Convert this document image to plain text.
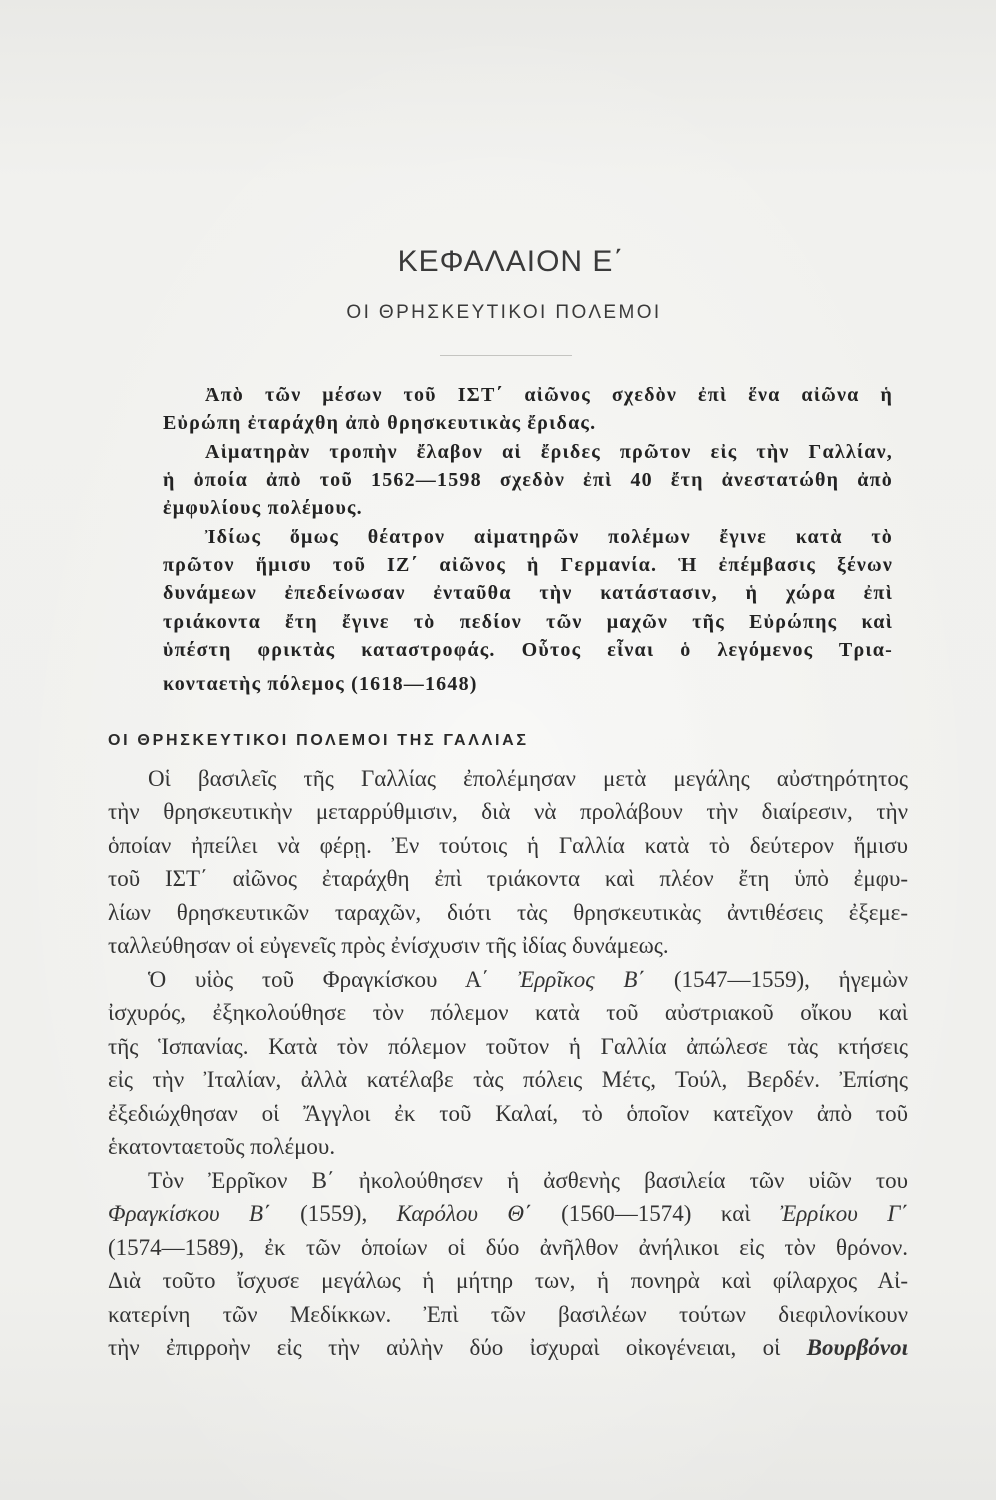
ΚΕΦΑΛΑΙΟΝ Ε΄
ΟΙ ΘΡΗΣΚΕΥΤΙΚΟΙ ΠΟΛΕΜΟΙ
Ἀπὸ τῶν μέσων τοῦ ΙΣΤ΄ αἰῶνος σχεδὸν ἐπὶ ἕνα αἰῶνα ἡ
Εὐρώπη ἐταράχθη ἀπὸ θρησκευτικὰς ἔριδας.
Αἱματηρὰν τροπὴν ἔλαβον αἱ ἔριδες πρῶτον εἰς τὴν Γαλλίαν,
ἡ ὁποία ἀπὸ τοῦ 1562—1598 σχεδὸν ἐπὶ 40 ἔτη ἀνεστατώθη ἀπὸ
ἐμφυλίους πολέμους.
Ἰδίως ὅμως θέατρον αἱματηρῶν πολέμων ἔγινε κατὰ τὸ
πρῶτον ἥμισυ τοῦ ΙΖ΄ αἰῶνος ἡ Γερμανία. Ἡ ἐπέμβασις ξένων
δυνάμεων ἐπεδείνωσαν ἐνταῦθα τὴν κατάστασιν, ἡ χώρα ἐπὶ
τριάκοντα ἔτη ἔγινε τὸ πεδίον τῶν μαχῶν τῆς Εὐρώπης καὶ
ὑπέστη φρικτὰς καταστροφάς. Οὗτος εἶναι ὁ λεγόμενος Τρια-
κονταετὴς πόλεμος (1618—1648)
ΟΙ ΘΡΗΣΚΕΥΤΙΚΟΙ ΠΟΛΕΜΟΙ ΤΗΣ ΓΑΛΛΙΑΣ
Οἱ βασιλεῖς τῆς Γαλλίας ἐπολέμησαν μετὰ μεγάλης αὐστηρότητος
τὴν θρησκευτικὴν μεταρρύθμισιν, διὰ νὰ προλάβουν τὴν διαίρεσιν, τὴν
ὁποίαν ἠπείλει νὰ φέρῃ. Ἐν τούτοις ἡ Γαλλία κατὰ τὸ δεύτερον ἥμισυ
τοῦ ΙΣΤ΄ αἰῶνος ἐταράχθη ἐπὶ τριάκοντα καὶ πλέον ἔτη ὑπὸ ἐμφυ-
λίων θρησκευτικῶν ταραχῶν, διότι τὰς θρησκευτικὰς ἀντιθέσεις ἐξεμε-
ταλλεύθησαν οἱ εὐγενεῖς πρὸς ἐνίσχυσιν τῆς ἰδίας δυνάμεως.
Ὁ υἱὸς τοῦ Φραγκίσκου Α΄ Ἐρρῖκος Β΄ (1547—1559), ἡγεμὼν
ἰσχυρός, ἐξηκολούθησε τὸν πόλεμον κατὰ τοῦ αὐστριακοῦ οἴκου καὶ
τῆς Ἱσπανίας. Κατὰ τὸν πόλεμον τοῦτον ἡ Γαλλία ἀπώλεσε τὰς κτήσεις
εἰς τὴν Ἰταλίαν, ἀλλὰ κατέλαβε τὰς πόλεις Μέτς, Τούλ, Βερδέν. Ἐπίσης
ἐξεδιώχθησαν οἱ Ἄγγλοι ἐκ τοῦ Καλαί, τὸ ὁποῖον κατεῖχον ἀπὸ τοῦ
ἑκατονταετοῦς πολέμου.
Τὸν Ἐρρῖκον Β΄ ἠκολούθησεν ἡ ἀσθενὴς βασιλεία τῶν υἱῶν του
Φραγκίσκου Β΄ (1559), Καρόλου Θ΄ (1560—1574) καὶ Ἐρρίκου Γ΄
(1574—1589), ἐκ τῶν ὁποίων οἱ δύο ἀνῆλθον ἀνήλικοι εἰς τὸν θρόνον.
Διὰ τοῦτο ἴσχυσε μεγάλως ἡ μήτηρ των, ἡ πονηρὰ καὶ φίλαρχος Αἰ-
κατερίνη τῶν Μεδίκκων. Ἐπὶ τῶν βασιλέων τούτων διεφιλονίκουν
τὴν ἐπιρροὴν εἰς τὴν αὐλὴν δύο ἰσχυραὶ οἰκογένειαι, οἱ Βουρβόνοι
